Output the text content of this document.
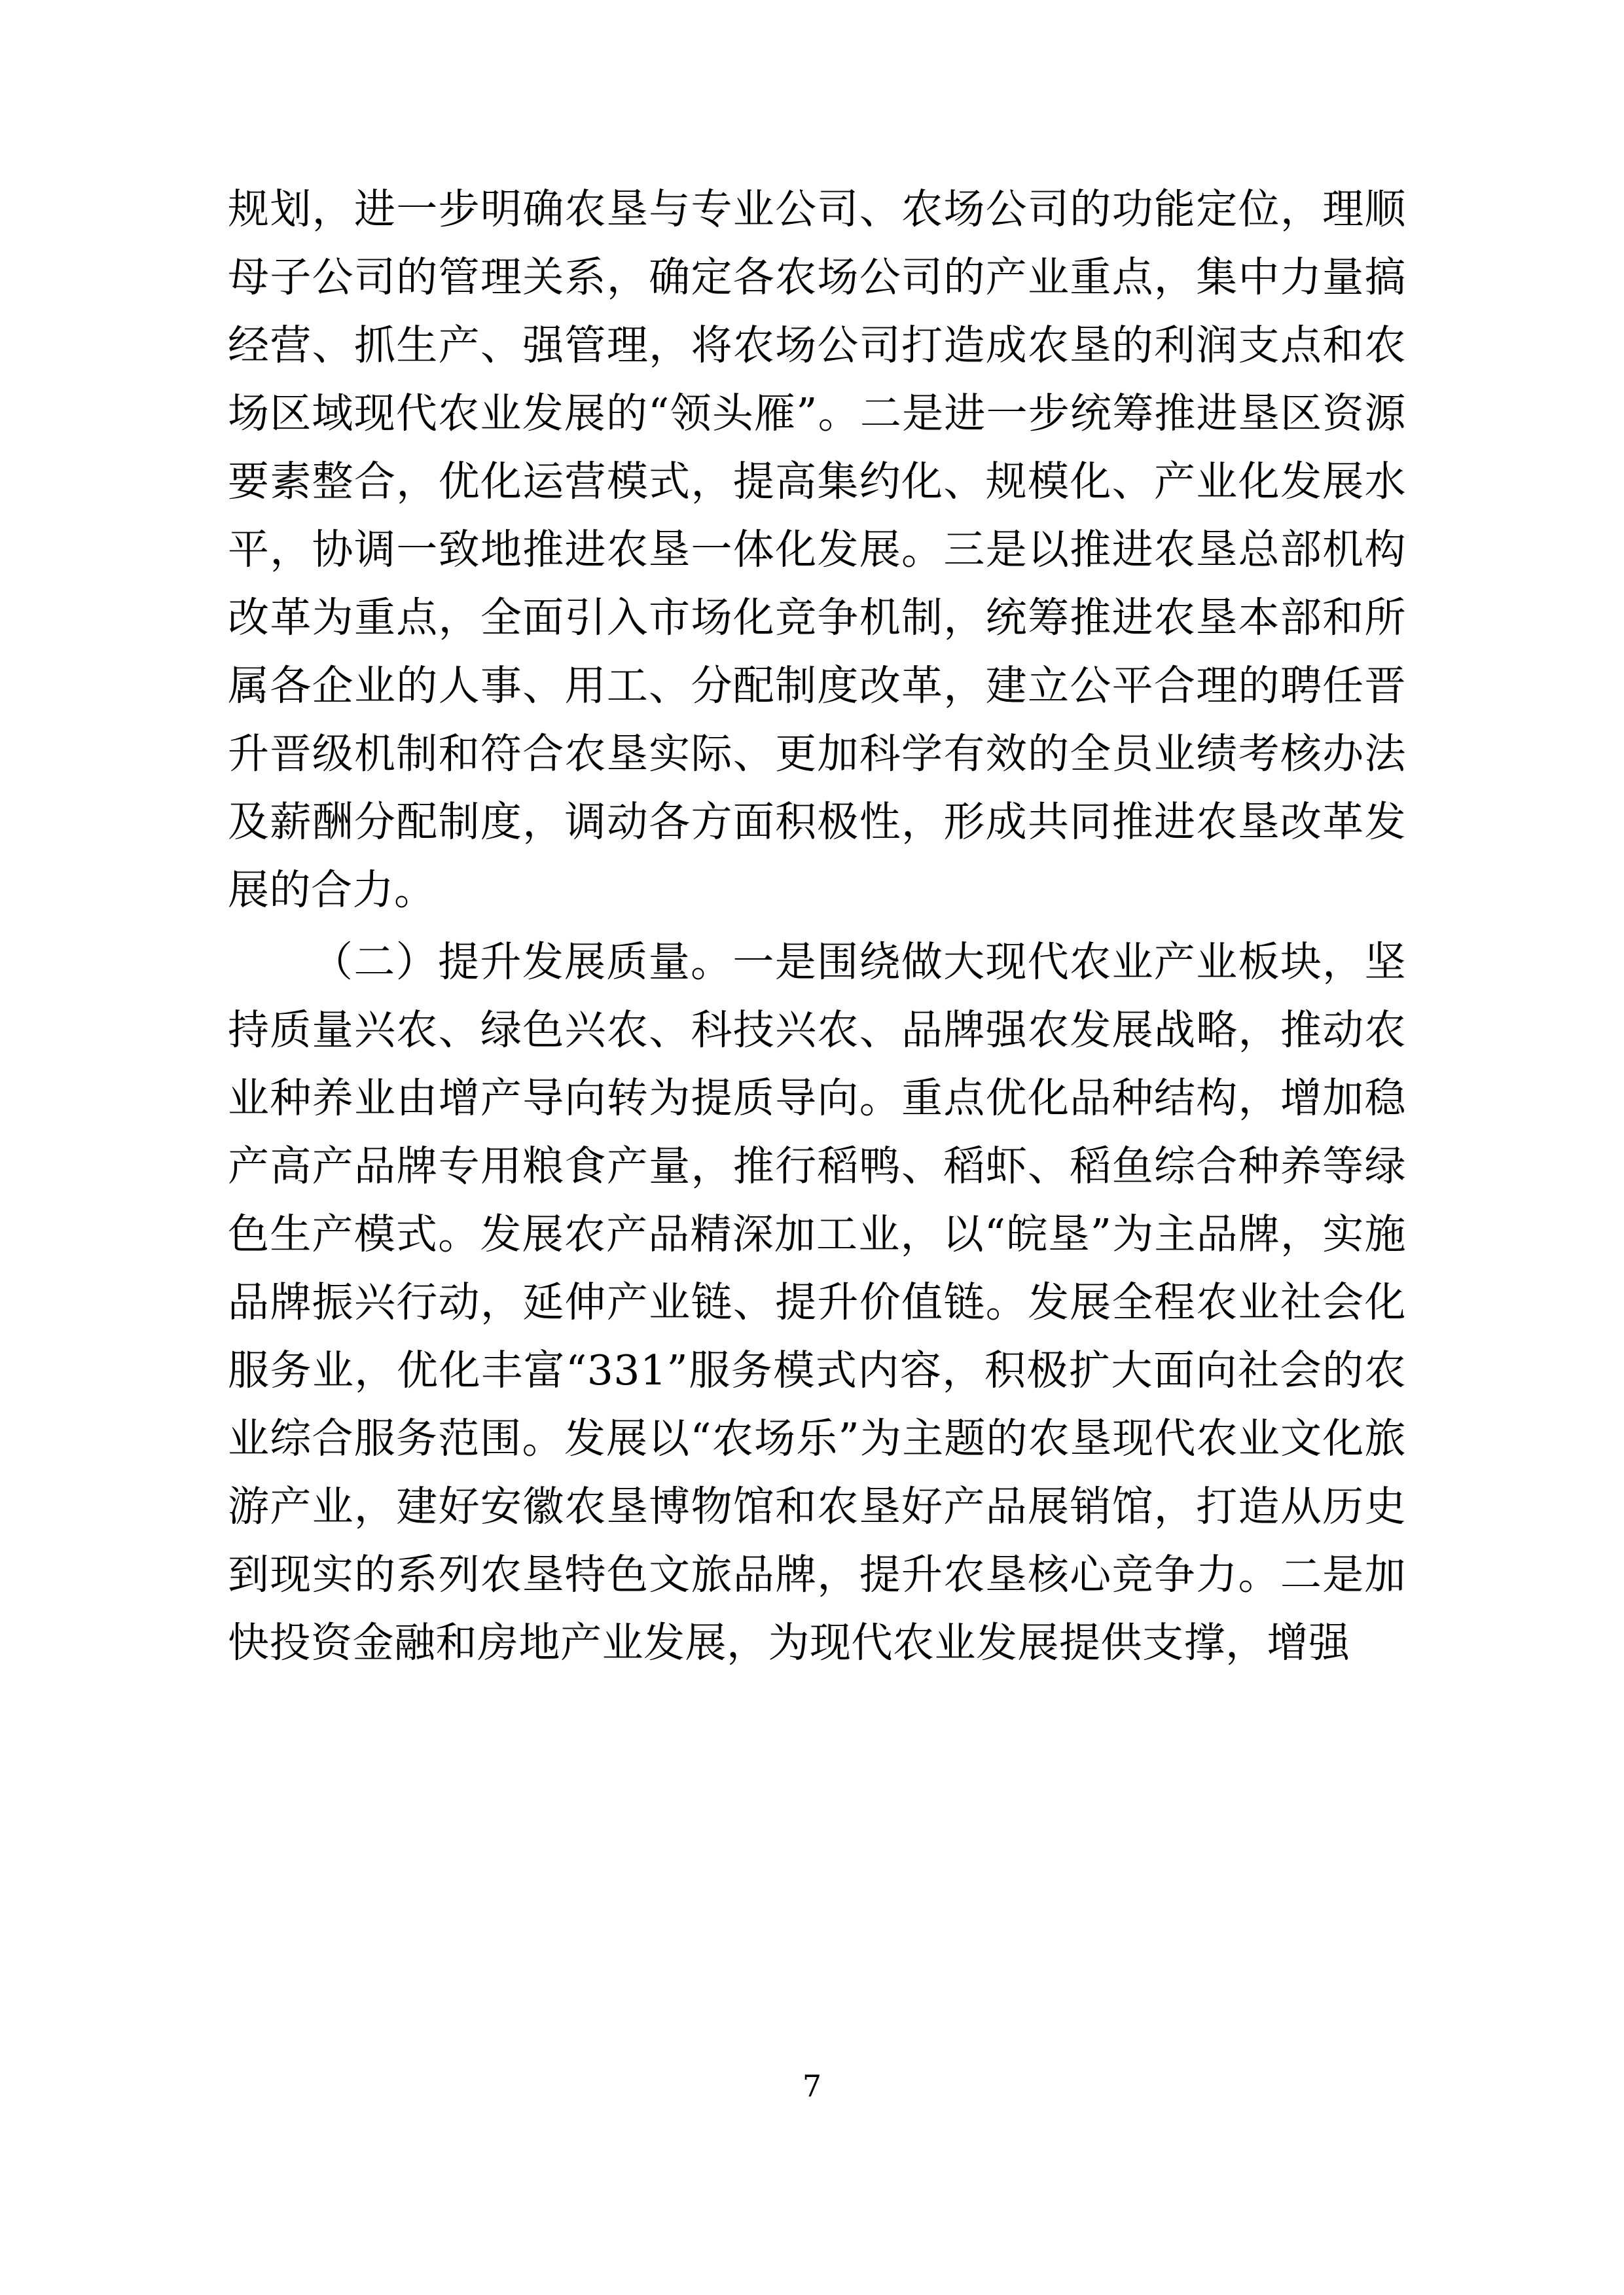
规划，进一步明确农垦与专业公司、农场公司的功能定位，理顺母子公司的管理关系，确定各农场公司的产业重点，集中力量搞经营、抓生产、强管理，将农场公司打造成农垦的利润支点和农场区域现代农业发展的“领头雁”。二是进一步统筹推进垦区资源要素整合，优化运营模式，提高集约化、规模化、产业化发展水平，协调一致地推进农垦一体化发展。三是以推进农垦总部机构改革为重点，全面引入市场化竞争机制，统筹推进农垦本部和所属各企业的人事、用工、分配制度改革，建立公平合理的聘任晋升晋级机制和符合农垦实际、更加科学有效的全员业绩考核办法及薪酬分配制度，调动各方面积极性，形成共同推进农垦改革发展的合力。

（二）提升发展质量。一是围绕做大现代农业产业板块，坚持质量兴农、绿色兴农、科技兴农、品牌强农发展战略，推动农业种养业由增产导向转为提质导向。重点优化品种结构，增加稳产高产品牌专用粮食产量，推行稻鸭、稻虾、稻鱼综合种养等绿色生产模式。发展农产品精深加工业，以“皖垦”为主品牌，实施品牌振兴行动，延伸产业链、提升价值链。发展全程农业社会化服务业，优化丰富“331”服务模式内容，积极扩大面向社会的农业综合服务范围。发展以“农场乐”为主题的农垦现代农业文化旅游产业，建好安徽农垦博物馆和农垦好产品展销馆，打造从历史到现实的系列农垦特色文旅品牌，提升农垦核心竞争力。二是加快投资金融和房地产业发展，为现代农业发展提供支撑，增强

7
